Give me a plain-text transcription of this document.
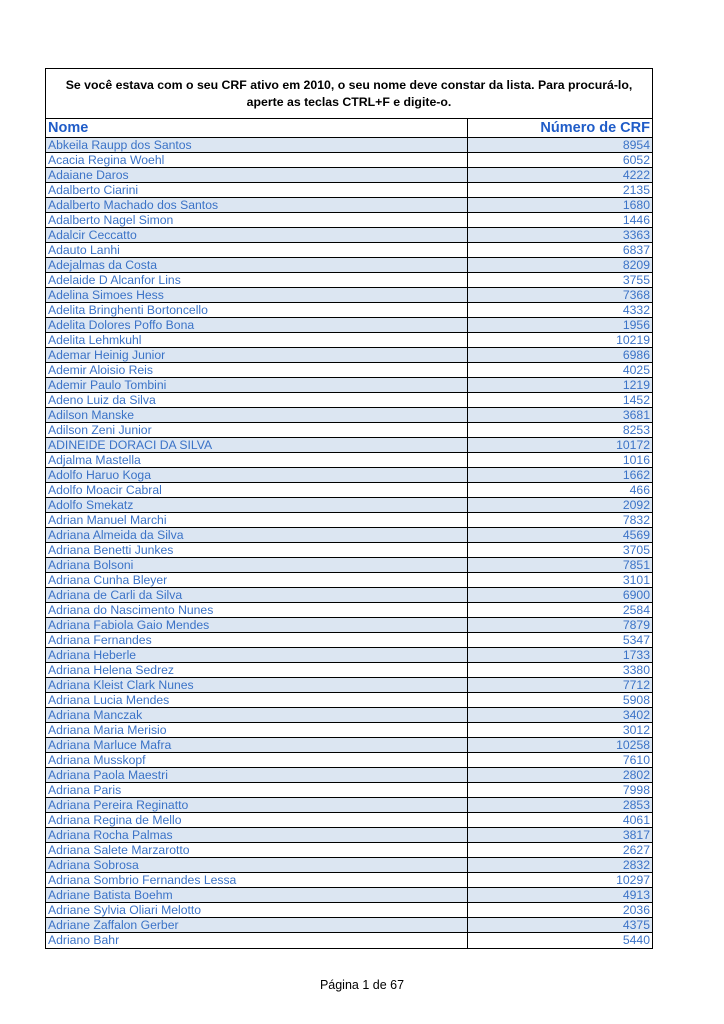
Se você estava com o seu CRF ativo em 2010, o seu nome deve constar da lista. Para procurá-lo, aperte as teclas CTRL+F e digite-o.
Nome	Número de CRF
Abkeila Raupp dos Santos	8954
Acacia Regina Woehl	6052
Adaiane Daros	4222
Adalberto Ciarini	2135
Adalberto Machado dos Santos	1680
Adalberto Nagel Simon	1446
Adalcir Ceccatto	3363
Adauto Lanhi	6837
Adejalmas da Costa	8209
Adelaide D Alcanfor Lins	3755
Adelina Simoes Hess	7368
Adelita Bringhenti Bortoncello	4332
Adelita Dolores Poffo Bona	1956
Adelita Lehmkuhl	10219
Ademar Heinig Junior	6986
Ademir Aloisio Reis	4025
Ademir Paulo Tombini	1219
Adeno Luiz da Silva	1452
Adilson Manske	3681
Adilson Zeni Junior	8253
ADINEIDE DORACI DA SILVA	10172
Adjalma Mastella	1016
Adolfo Haruo Koga	1662
Adolfo Moacir Cabral	466
Adolfo Smekatz	2092
Adrian Manuel Marchi	7832
Adriana Almeida da Silva	4569
Adriana Benetti Junkes	3705
Adriana Bolsoni	7851
Adriana Cunha Bleyer	3101
Adriana de Carli da Silva	6900
Adriana do Nascimento Nunes	2584
Adriana Fabiola Gaio Mendes	7879
Adriana Fernandes	5347
Adriana Heberle	1733
Adriana Helena Sedrez	3380
Adriana Kleist Clark Nunes	7712
Adriana Lucia Mendes	5908
Adriana Manczak	3402
Adriana Maria Merisio	3012
Adriana Marluce Mafra	10258
Adriana Musskopf	7610
Adriana Paola Maestri	2802
Adriana Paris	7998
Adriana Pereira Reginatto	2853
Adriana Regina de Mello	4061
Adriana Rocha Palmas	3817
Adriana Salete Marzarotto	2627
Adriana Sobrosa	2832
Adriana Sombrio Fernandes Lessa	10297
Adriane Batista Boehm	4913
Adriane Sylvia Oliari Melotto	2036
Adriane Zaffalon Gerber	4375
Adriano Bahr	5440
Página 1 de 67
